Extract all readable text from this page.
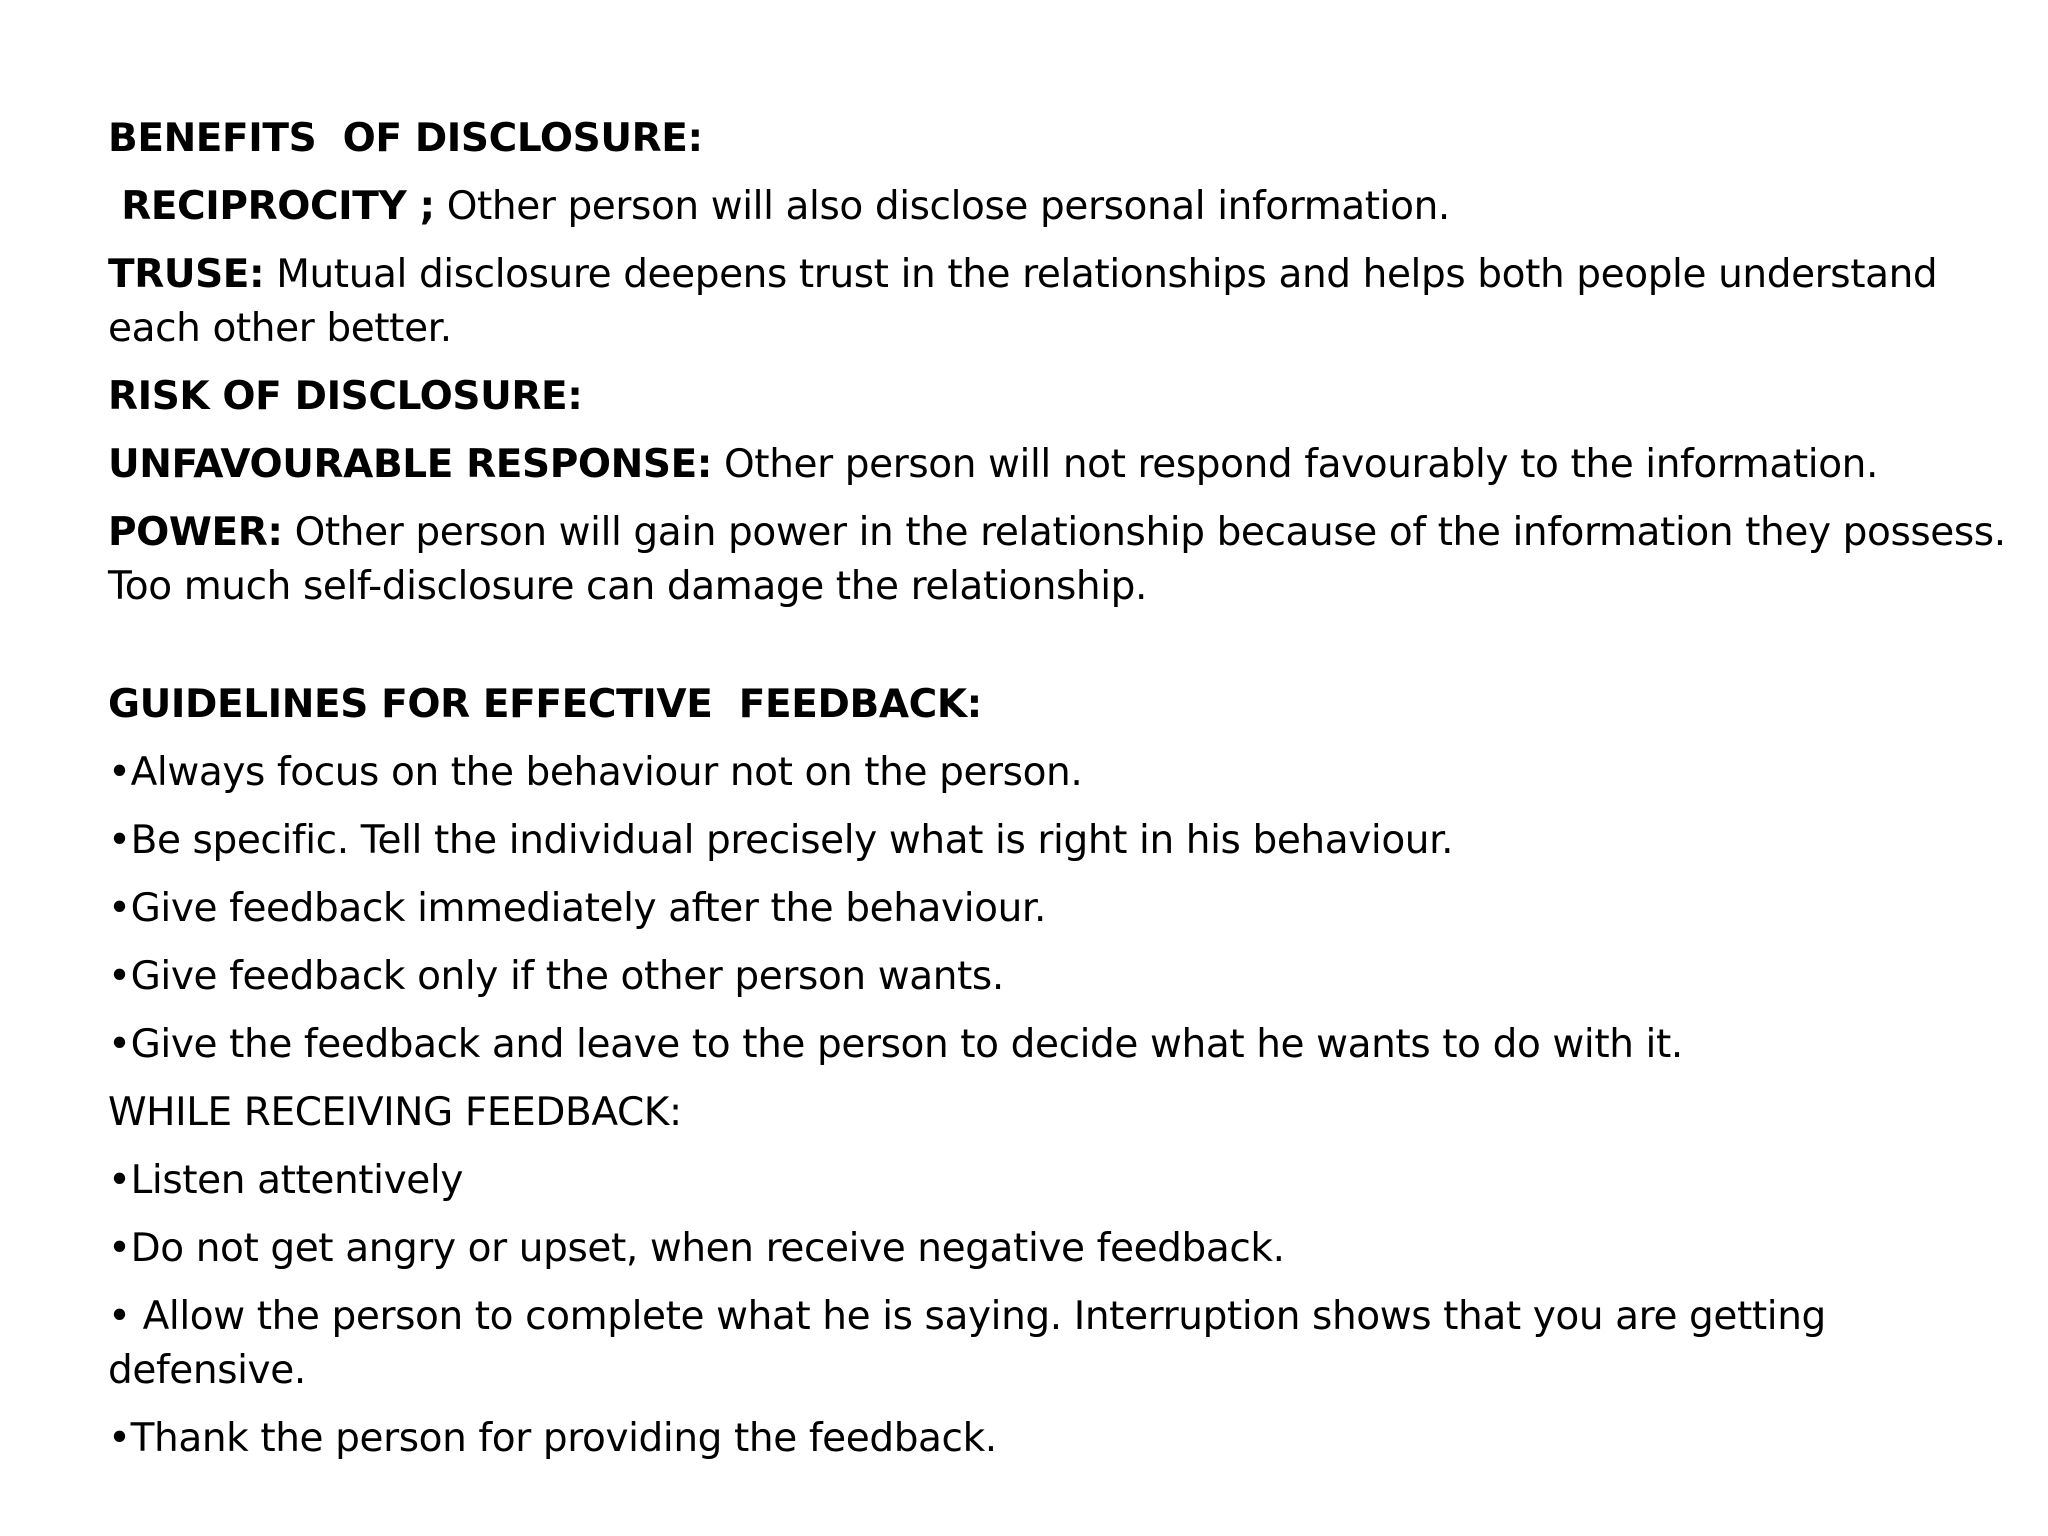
BENEFITS  OF DISCLOSURE:
RECIPROCITY ; Other person will also disclose personal information.
TRUSE: Mutual disclosure deepens trust in the relationships and helps both people understand each other better.
RISK OF DISCLOSURE:
UNFAVOURABLE RESPONSE: Other person will not respond favourably to the information.
POWER: Other person will gain power in the relationship because of the information they possess. Too much self-disclosure can damage the relationship.
GUIDELINES FOR EFFECTIVE  FEEDBACK:
•Always focus on the behaviour not on the person.
•Be specific. Tell the individual precisely what is right in his behaviour.
•Give feedback immediately after the behaviour.
•Give feedback only if the other person wants.
•Give the feedback and leave to the person to decide what he wants to do with it.
WHILE RECEIVING FEEDBACK:
•Listen attentively
•Do not get angry or upset, when receive negative feedback.
• Allow the person to complete what he is saying. Interruption shows that you are getting defensive.
•Thank the person for providing the feedback.
